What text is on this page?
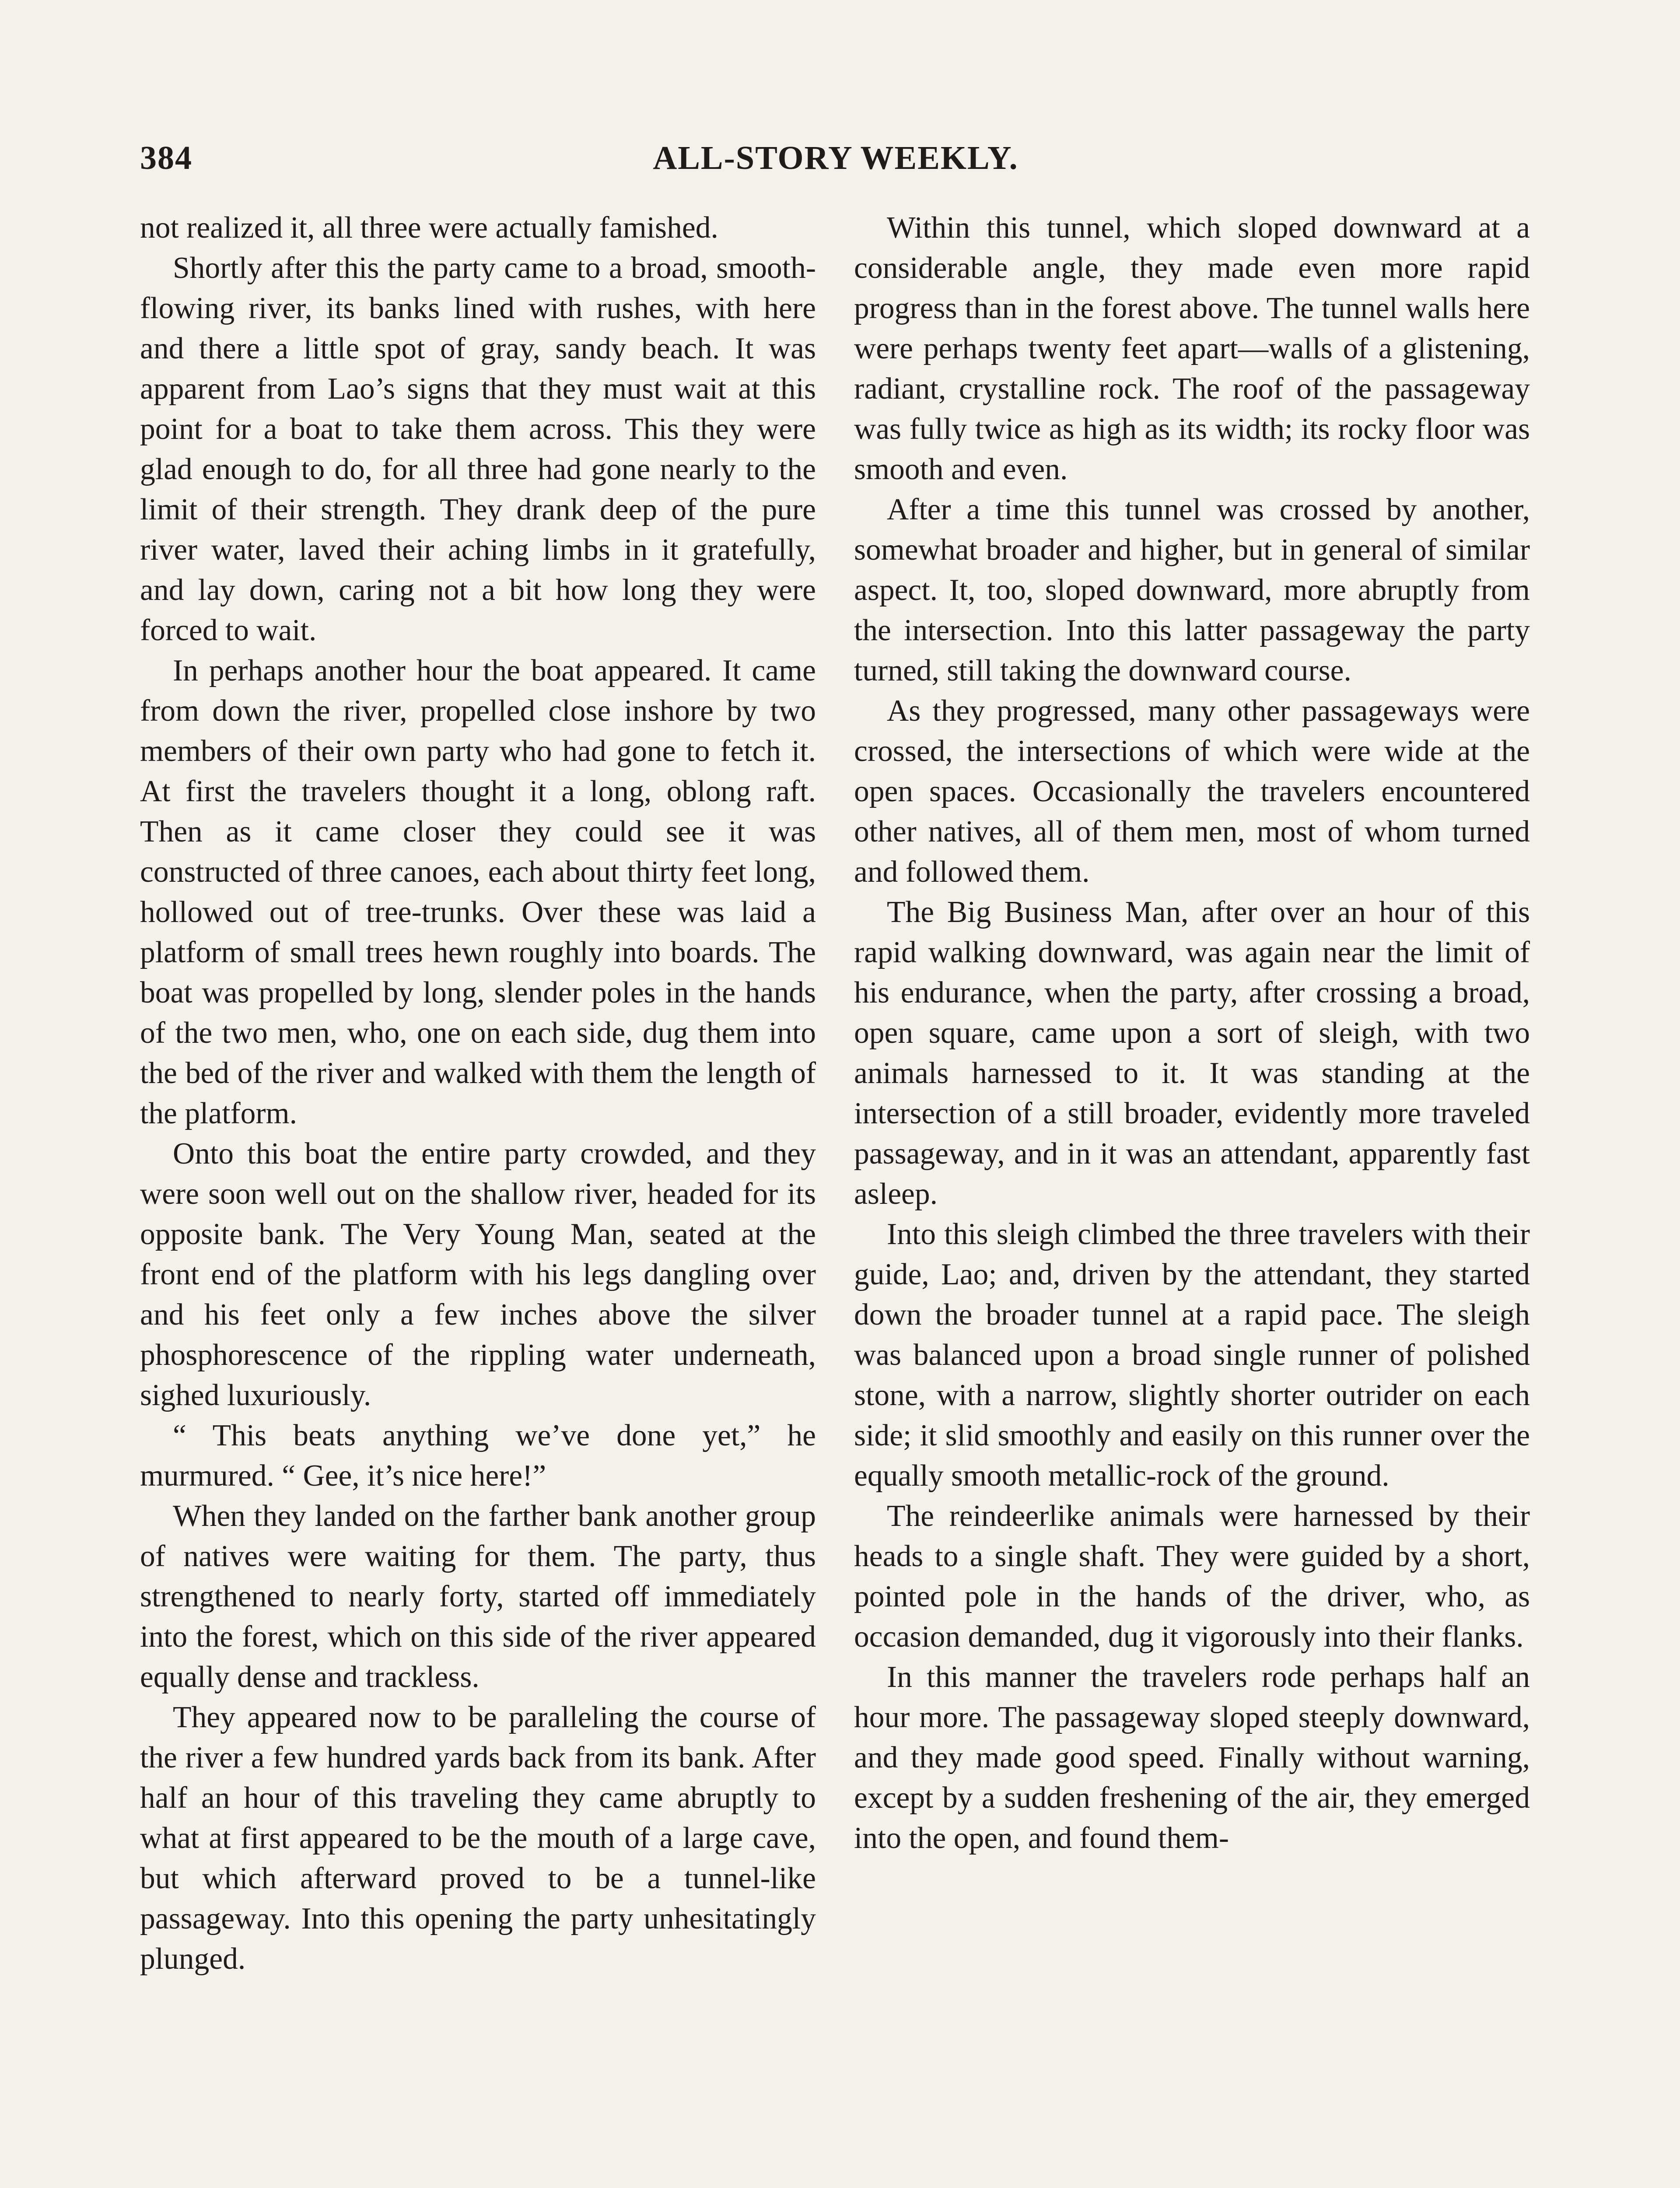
384	ALL-STORY WEEKLY.

not realized it, all three were actually famished.

Shortly after this the party came to a broad, smooth-flowing river, its banks lined with rushes, with here and there a little spot of gray, sandy beach. It was apparent from Lao’s signs that they must wait at this point for a boat to take them across. This they were glad enough to do, for all three had gone nearly to the limit of their strength. They drank deep of the pure river water, laved their aching limbs in it gratefully, and lay down, caring not a bit how long they were forced to wait.

In perhaps another hour the boat appeared. It came from down the river, propelled close inshore by two members of their own party who had gone to fetch it. At first the travelers thought it a long, oblong raft. Then as it came closer they could see it was constructed of three canoes, each about thirty feet long, hollowed out of tree-trunks. Over these was laid a platform of small trees hewn roughly into boards. The boat was propelled by long, slender poles in the hands of the two men, who, one on each side, dug them into the bed of the river and walked with them the length of the platform.

Onto this boat the entire party crowded, and they were soon well out on the shallow river, headed for its opposite bank. The Very Young Man, seated at the front end of the platform with his legs dangling over and his feet only a few inches above the silver phosphorescence of the rippling water underneath, sighed luxuriously.

“ This beats anything we’ve done yet,” he murmured. “ Gee, it’s nice here!”

When they landed on the farther bank another group of natives were waiting for them. The party, thus strengthened to nearly forty, started off immediately into the forest, which on this side of the river appeared equally dense and trackless.

They appeared now to be paralleling the course of the river a few hundred yards back from its bank. After half an hour of this traveling they came abruptly to what at first appeared to be the mouth of a large cave, but which afterward proved to be a tunnel-like passageway. Into this opening the party unhesitatingly plunged.

Within this tunnel, which sloped downward at a considerable angle, they made even more rapid progress than in the forest above. The tunnel walls here were perhaps twenty feet apart—walls of a glistening, radiant, crystalline rock. The roof of the passageway was fully twice as high as its width; its rocky floor was smooth and even.

After a time this tunnel was crossed by another, somewhat broader and higher, but in general of similar aspect. It, too, sloped downward, more abruptly from the intersection. Into this latter passageway the party turned, still taking the downward course.

As they progressed, many other passageways were crossed, the intersections of which were wide at the open spaces. Occasionally the travelers encountered other natives, all of them men, most of whom turned and followed them.

The Big Business Man, after over an hour of this rapid walking downward, was again near the limit of his endurance, when the party, after crossing a broad, open square, came upon a sort of sleigh, with two animals harnessed to it. It was standing at the intersection of a still broader, evidently more traveled passageway, and in it was an attendant, apparently fast asleep.

Into this sleigh climbed the three travelers with their guide, Lao; and, driven by the attendant, they started down the broader tunnel at a rapid pace. The sleigh was balanced upon a broad single runner of polished stone, with a narrow, slightly shorter outrider on each side; it slid smoothly and easily on this runner over the equally smooth metallic-rock of the ground.

The reindeerlike animals were harnessed by their heads to a single shaft. They were guided by a short, pointed pole in the hands of the driver, who, as occasion demanded, dug it vigorously into their flanks.

In this manner the travelers rode perhaps half an hour more. The passageway sloped steeply downward, and they made good speed. Finally without warning, except by a sudden freshening of the air, they emerged into the open, and found them-
